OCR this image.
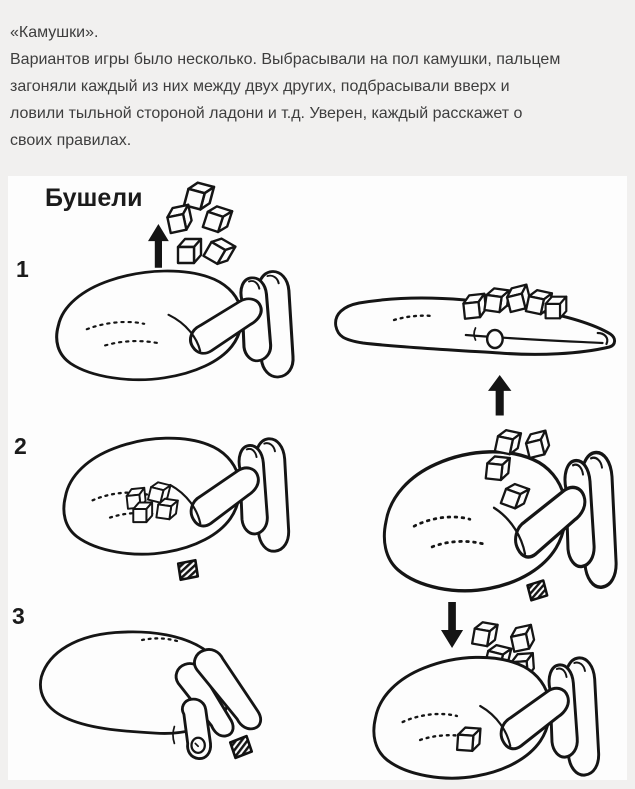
«Камушки».

Вариантов игры было несколько. Выбрасывали на пол камушки, пальцем

загоняли каждый из них между двух других, подбрасывали вверх и

ловили тыльной стороной ладони и т.д. Уверен, каждый расскажет о

своих правилах.

Бушели
1
2
3
